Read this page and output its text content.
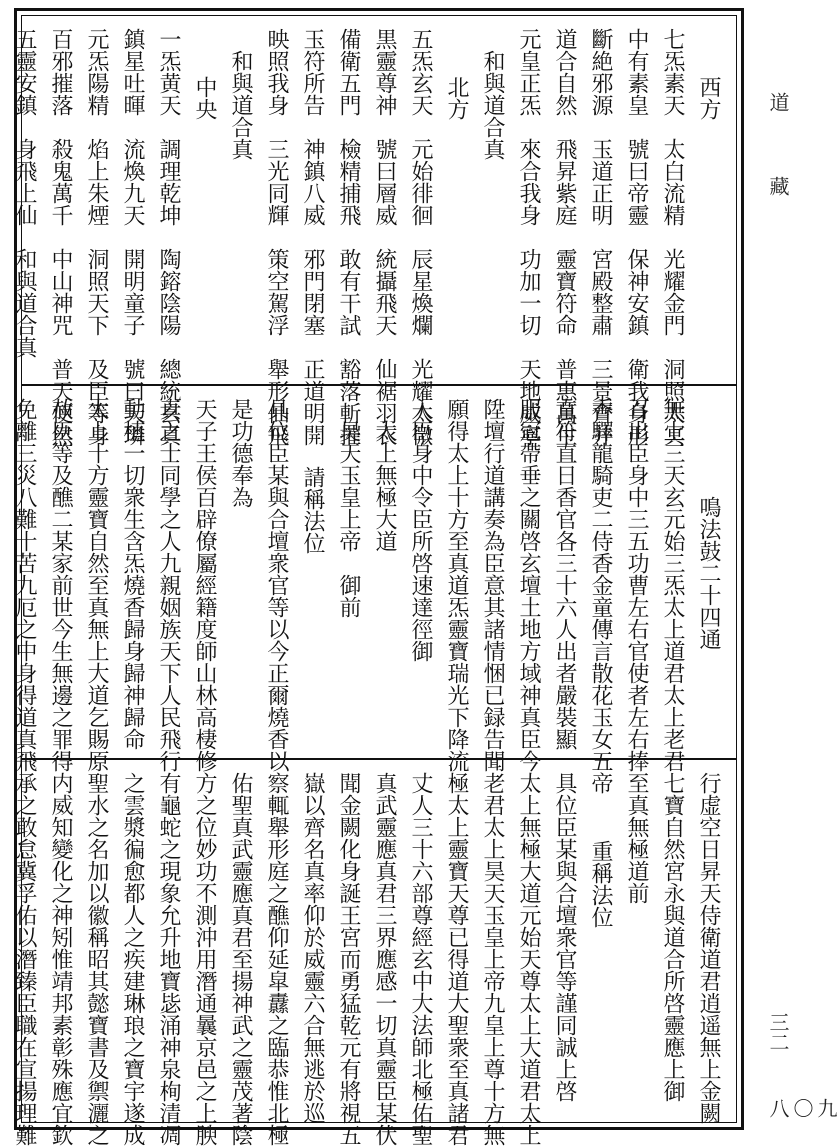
西方
七炁素天　太白流精　光耀金門　洞照太冥
中有素皇　號曰帝靈　保神安鎮　衛我身形
斷絶邪源　玉道正明　宮殿整肅　三景齊并
道合自然　飛昇紫庭　靈寶符命　普惠萬生
元皇正炁　來合我身　功加一切　天地威寧
和與道合真
北方
五炁玄天　元始徘徊　辰星煥爛　光耀太微
黒靈尊神　號曰層威　統攝飛天　仙裾羽衣
備衛五門　檢精捕飛　敢有干試　豁落斬摧
玉符所告　神鎮八威　邪門閉塞　正道明開
映照我身　三光同輝　策空駕浮　舉形仙飛
和與道合真
中央
一炁黄天　調理乾坤　陶鎔陰陽　總統玄真
鎮星吐暉　流煥九天　開明童子　號曰天璘
元炁陽精　焰上朱煙　洞照天下　及臣等身
百邪摧落　殺鬼萬千　中山神咒　普天使然
五靈安鎮　身飛上仙　和與道合真
鳴法鼓二十四通
無上三天玄元始三炁太上道君太上老君
召出臣身中三五功曹左右官使者左右捧
香驛龍騎吏二侍香金童傳言散花玉女五帝
直符直日香官各三十六人出者嚴裝顯
服冠帶垂之關啓玄壇土地方域神真臣今
陞壇行道講奏為臣意其諸情悃已録告聞
願得太上十方至真道炁靈寶瑞光下降流
入臣身中令臣所啓速達徑御
太上無極大道
昊天玉皇上帝　御前
請稱法位
具位臣某與合壇衆官等以今正爾燒香以
是功德奉為
天子王侯百辟僚屬經籍度師山林高棲修
真之士同學之人九親姻族天下人民飛行
動植一切衆生含炁燒香歸身歸神歸命
太上十方靈寶自然至真無上大道乞賜原
赦臣等及醮二某家前世今生無邊之罪得
免離三災八難十苦九厄之中身得道真飛
行虚空日昇天侍衛道君逍遥無上金闕
七寶自然宮永與道合所啓靈應上御
至真無極道前
重稱法位
具位臣某與合壇衆官等謹同誠上啓
太上無極大道元始天尊太上大道君太上
老君太上昊天玉皇上帝九皇上尊十方無
極太上靈寶天尊已得道大聖衆至真諸君
丈人三十六部尊經玄中大法師北極佑聖
真武靈應真君三界應感一切真靈臣某伏
聞金闕化身誕王宮而勇猛乾元有將視五
嶽以齊名真率仰於威靈六合無逃於巡
察輒舉形庭之醮仰延皐纛之臨恭惟北極
佑聖真武靈應真君至揚神武之靈茂著陰
方之位妙功不測沖用潛通曩京邑之上腴
有龜蛇之現象允升地寶毖涌神泉栒清凋
之雲漿徧愈都人之疾建琳琅之寶宇遂成
聖水之名加以徽稱昭其懿寶書及禦灑之
内威知變化之神矧惟靖邦素彰殊應宜欽
承之敢怠冀孚佑以潛臻臣職在宣揚理難
道
藏
三二
九〇八
